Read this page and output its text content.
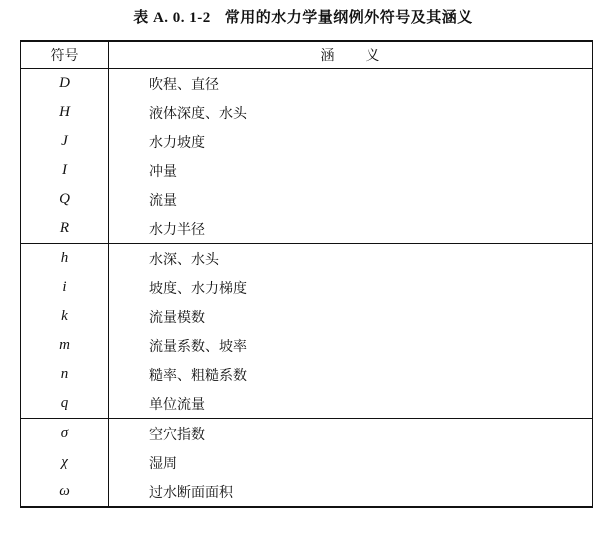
表 A. 0. 1-2 常用的水力学量纲例外符号及其涵义
符号	涵　　义
D	吹程、直径
H	液体深度、水头
J	水力坡度
I	冲量
Q	流量
R	水力半径
h	水深、水头
i	坡度、水力梯度
k	流量模数
m	流量系数、坡率
n	糙率、粗糙系数
q	单位流量
σ	空穴指数
χ	湿周
ω	过水断面面积
